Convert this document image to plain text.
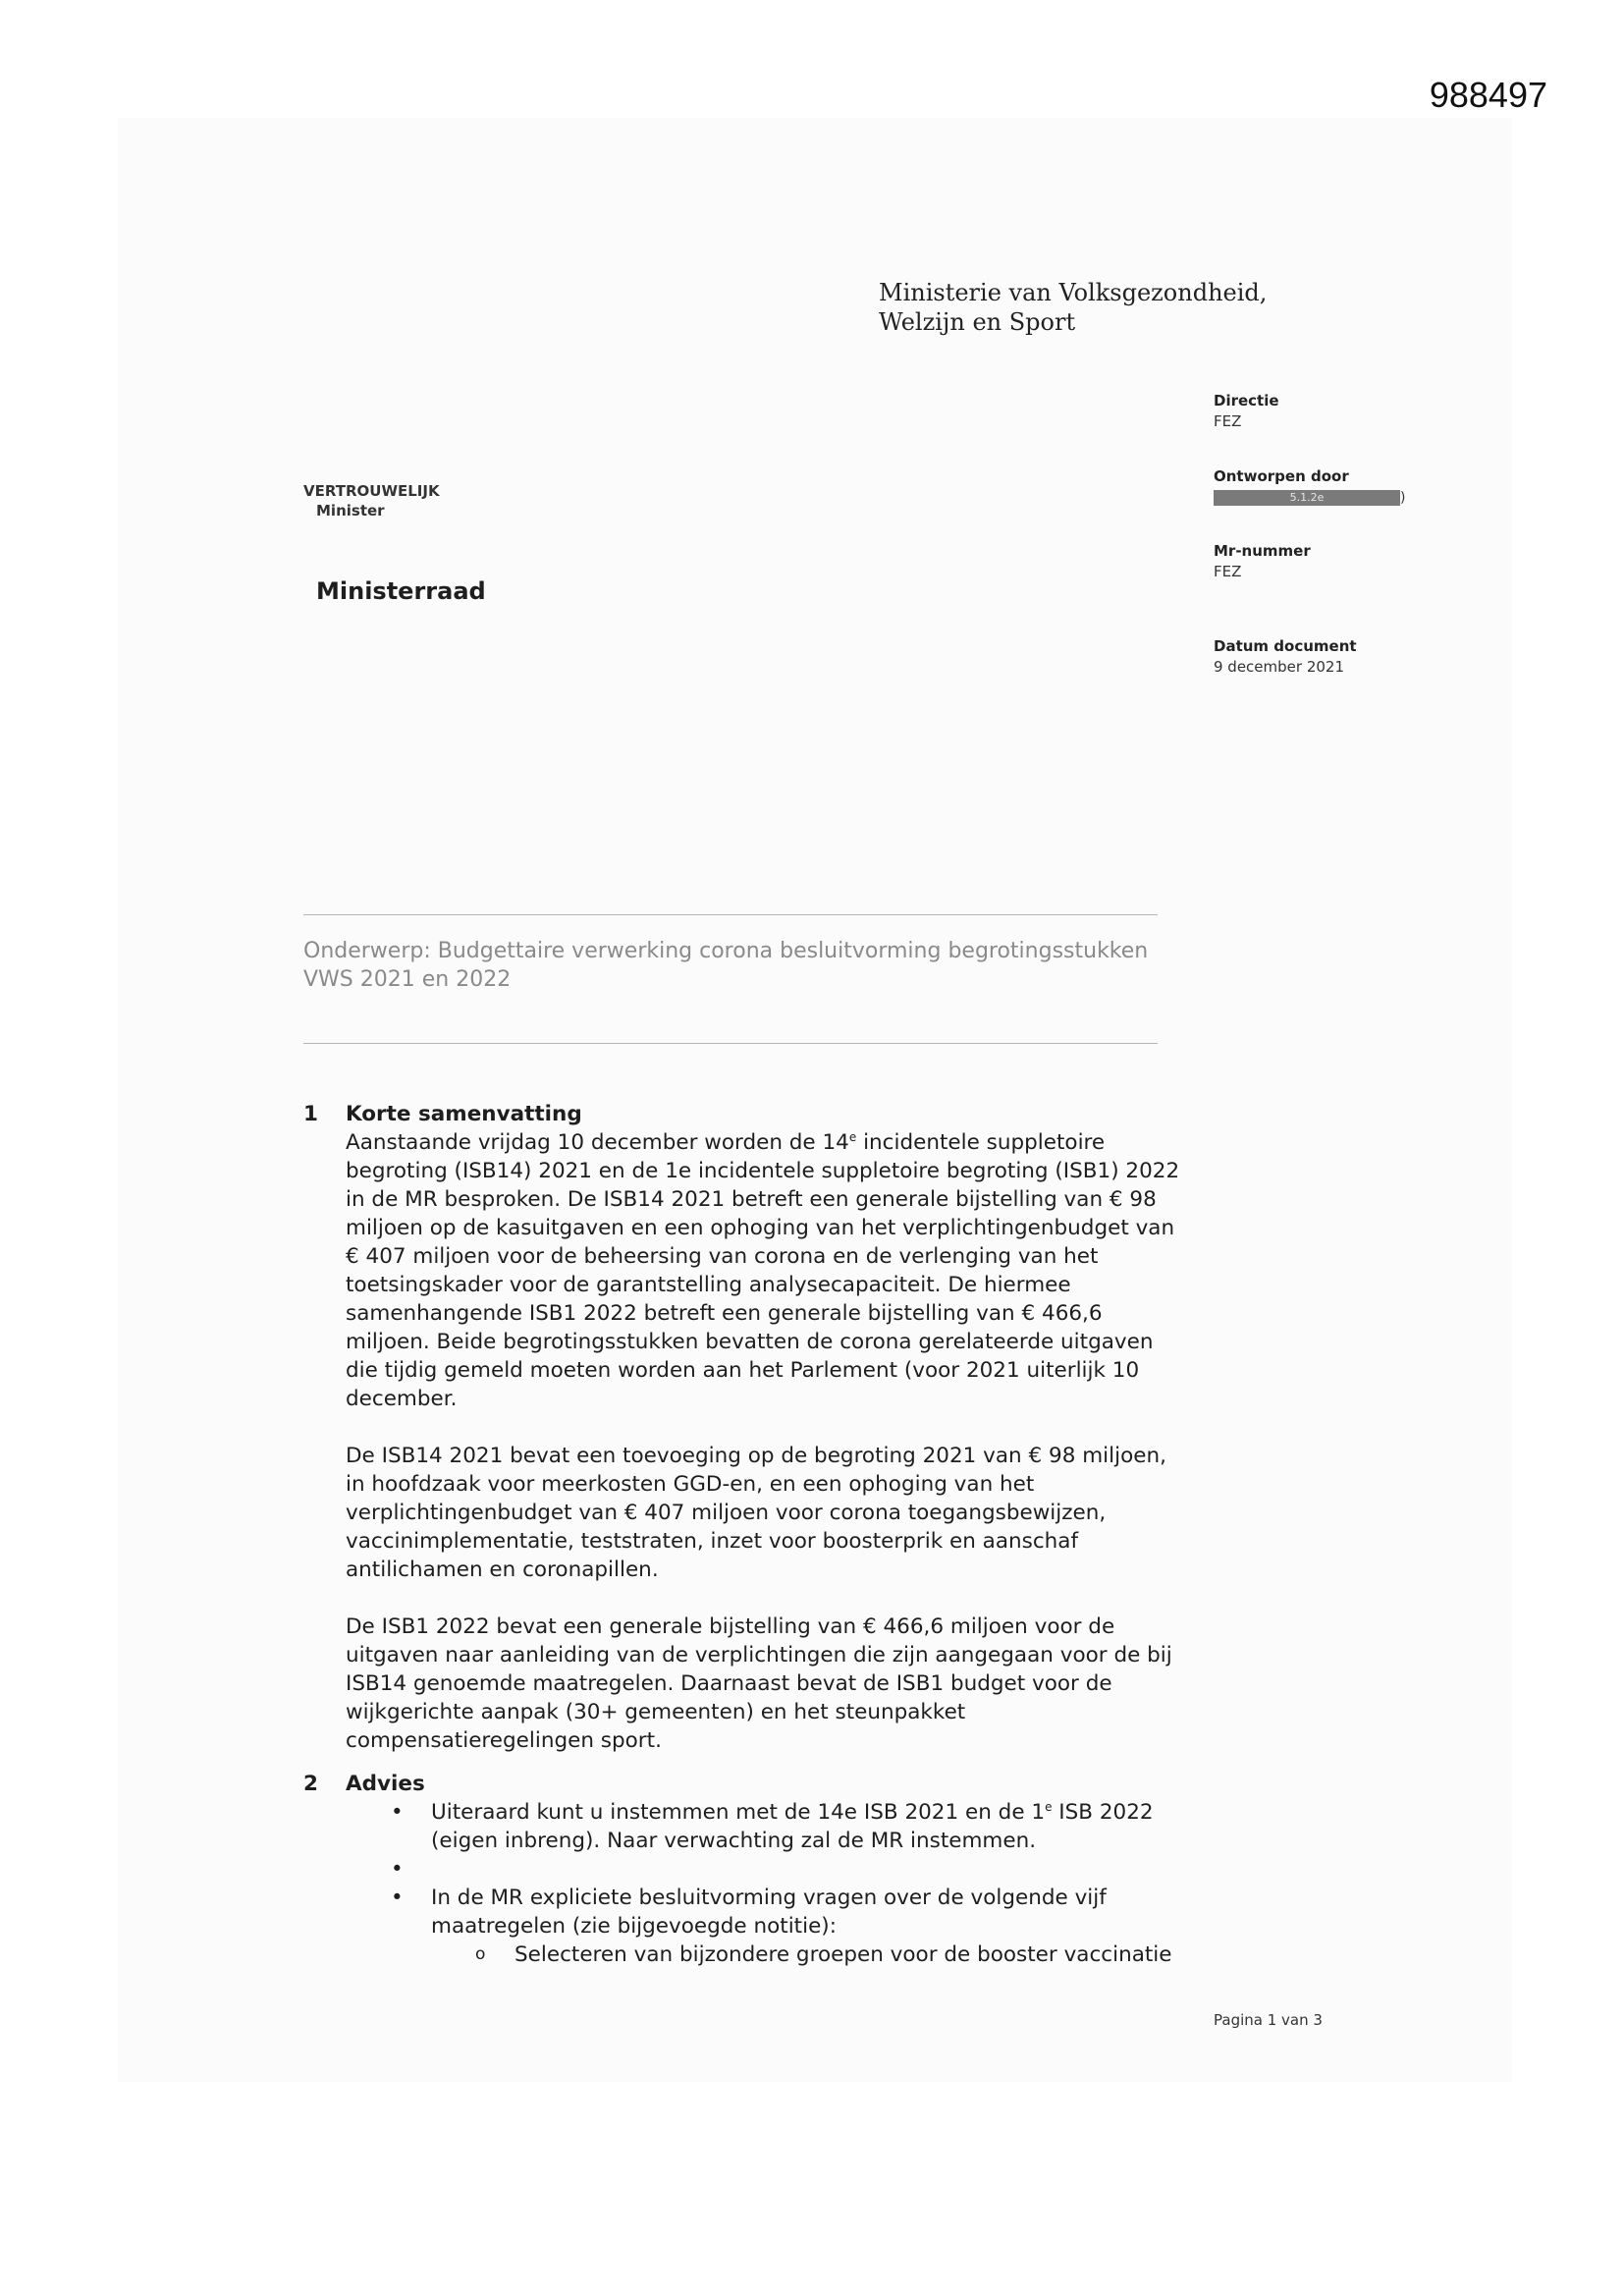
988497
Ministerie van Volksgezondheid,
Welzijn en Sport
Directie
FEZ
Ontworpen door
5.1.2e	)
Mr-nummer
FEZ
Datum document
9 december 2021
VERTROUWELIJK
Minister
Ministerraad
Onderwerp: Budgettaire verwerking corona besluitvorming begrotingsstukken
VWS 2021 en 2022
1 Korte samenvatting
Aanstaande vrijdag 10 december worden de 14e incidentele suppletoire begroting (ISB14) 2021 en de 1e incidentele suppletoire begroting (ISB1) 2022 in de MR besproken. De ISB14 2021 betreft een generale bijstelling van € 98 miljoen op de kasuitgaven en een ophoging van het verplichtingenbudget van € 407 miljoen voor de beheersing van corona en de verlenging van het toetsingskader voor de garantstelling analysecapaciteit. De hiermee samenhangende ISB1 2022 betreft een generale bijstelling van € 466,6 miljoen. Beide begrotingsstukken bevatten de corona gerelateerde uitgaven die tijdig gemeld moeten worden aan het Parlement (voor 2021 uiterlijk 10 december.
De ISB14 2021 bevat een toevoeging op de begroting 2021 van € 98 miljoen, in hoofdzaak voor meerkosten GGD-en, en een ophoging van het verplichtingenbudget van € 407 miljoen voor corona toegangsbewijzen, vaccinimplementatie, teststraten, inzet voor boosterprik en aanschaf antilichamen en coronapillen.
De ISB1 2022 bevat een generale bijstelling van € 466,6 miljoen voor de uitgaven naar aanleiding van de verplichtingen die zijn aangegaan voor de bij ISB14 genoemde maatregelen. Daarnaast bevat de ISB1 budget voor de wijkgerichte aanpak (30+ gemeenten) en het steunpakket compensatieregelingen sport.
2 Advies
• Uiteraard kunt u instemmen met de 14e ISB 2021 en de 1e ISB 2022 (eigen inbreng). Naar verwachting zal de MR instemmen.
•
• In de MR expliciete besluitvorming vragen over de volgende vijf maatregelen (zie bijgevoegde notitie):
o Selecteren van bijzondere groepen voor de booster vaccinatie
Pagina 1 van 3
